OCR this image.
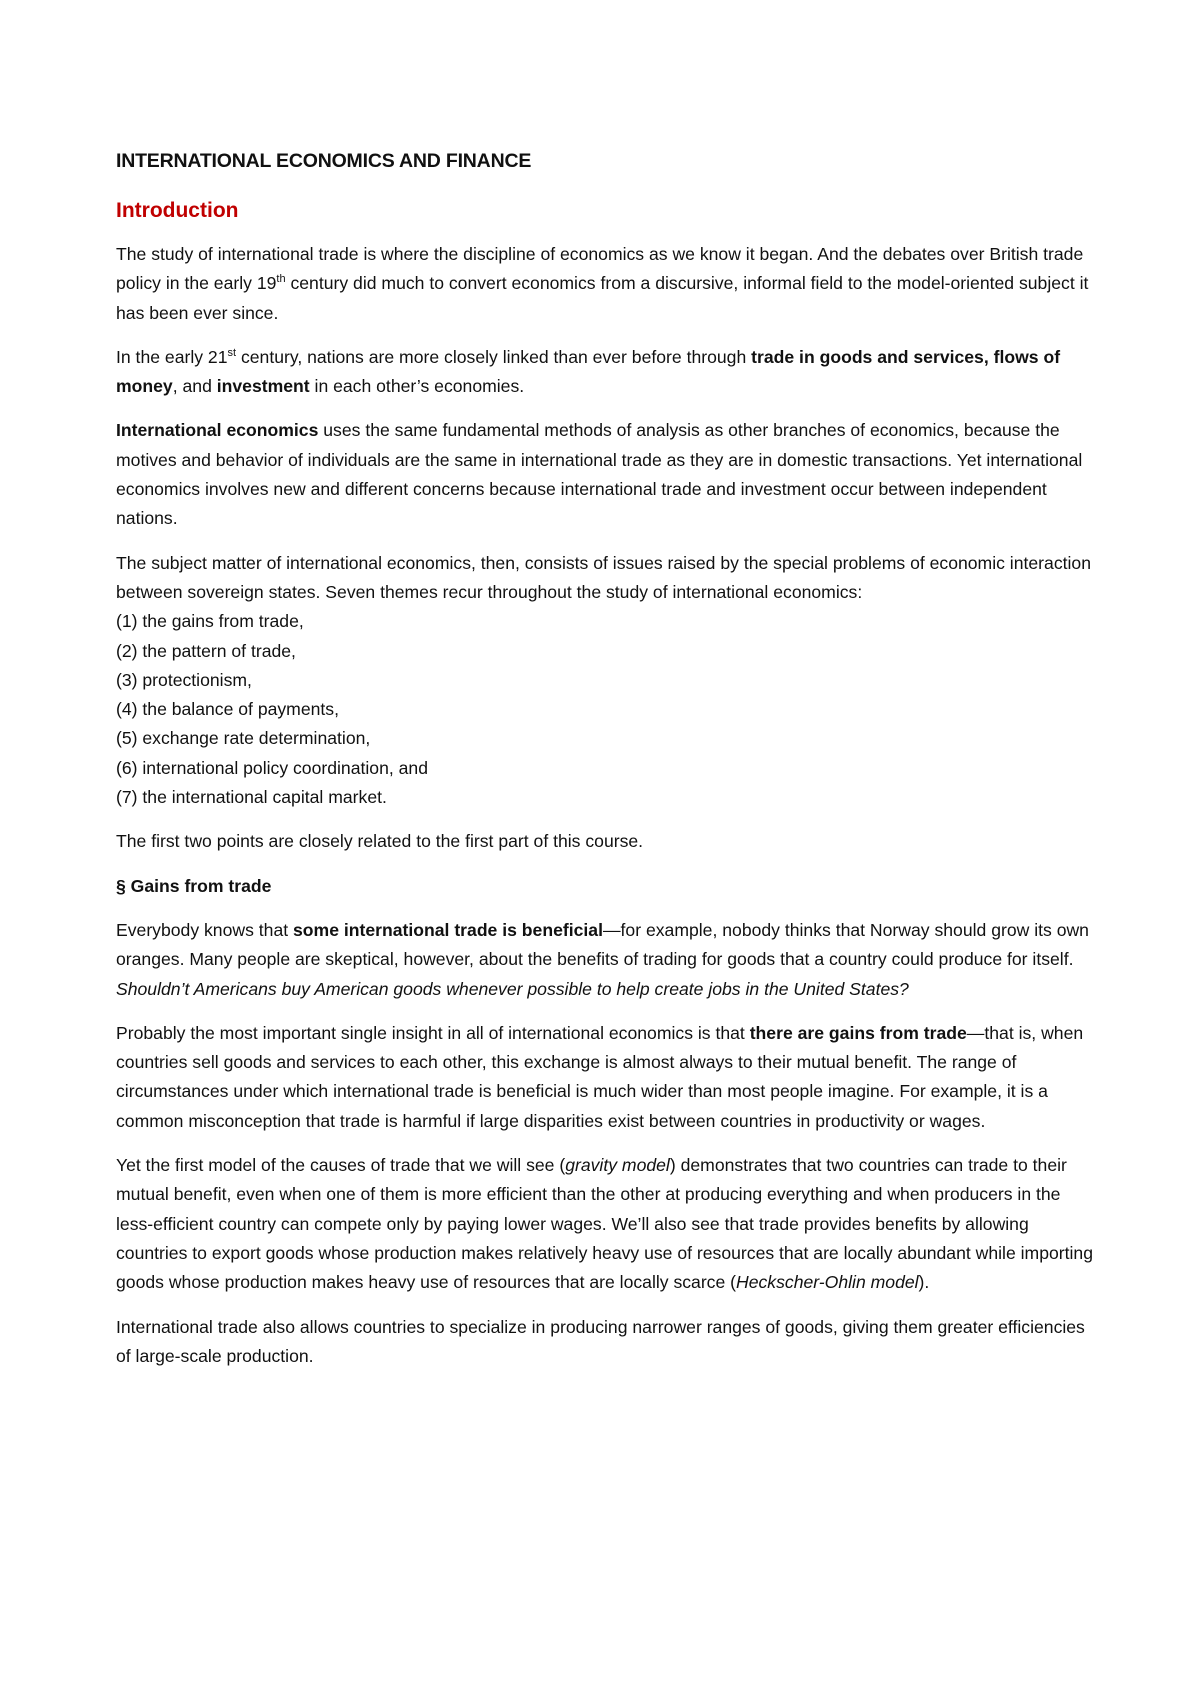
INTERNATIONAL ECONOMICS AND FINANCE
Introduction

The study of international trade is where the discipline of economics as we know it began. And the debates over British trade policy in the early 19th century did much to convert economics from a discursive, informal field to the model-oriented subject it has been ever since.

In the early 21st century, nations are more closely linked than ever before through trade in goods and services, flows of money, and investment in each other’s economies.

International economics uses the same fundamental methods of analysis as other branches of economics, because the motives and behavior of individuals are the same in international trade as they are in domestic transactions. Yet international economics involves new and different concerns because international trade and investment occur between independent nations.

The subject matter of international economics, then, consists of issues raised by the special problems of economic interaction between sovereign states. Seven themes recur throughout the study of international economics:
(1) the gains from trade,
(2) the pattern of trade,
(3) protectionism,
(4) the balance of payments,
(5) exchange rate determination,
(6) international policy coordination, and
(7) the international capital market.

The first two points are closely related to the first part of this course.

§ Gains from trade

Everybody knows that some international trade is beneficial—for example, nobody thinks that Norway should grow its own oranges. Many people are skeptical, however, about the benefits of trading for goods that a country could produce for itself. Shouldn’t Americans buy American goods whenever possible to help create jobs in the United States?

Probably the most important single insight in all of international economics is that there are gains from trade—that is, when countries sell goods and services to each other, this exchange is almost always to their mutual benefit. The range of circumstances under which international trade is beneficial is much wider than most people imagine. For example, it is a common misconception that trade is harmful if large disparities exist between countries in productivity or wages.

Yet the first model of the causes of trade that we will see (gravity model) demonstrates that two countries can trade to their mutual benefit, even when one of them is more efficient than the other at producing everything and when producers in the less-efficient country can compete only by paying lower wages. We’ll also see that trade provides benefits by allowing countries to export goods whose production makes relatively heavy use of resources that are locally abundant while importing goods whose production makes heavy use of resources that are locally scarce (Heckscher-Ohlin model).

International trade also allows countries to specialize in producing narrower ranges of goods, giving them greater efficiencies of large-scale production.
